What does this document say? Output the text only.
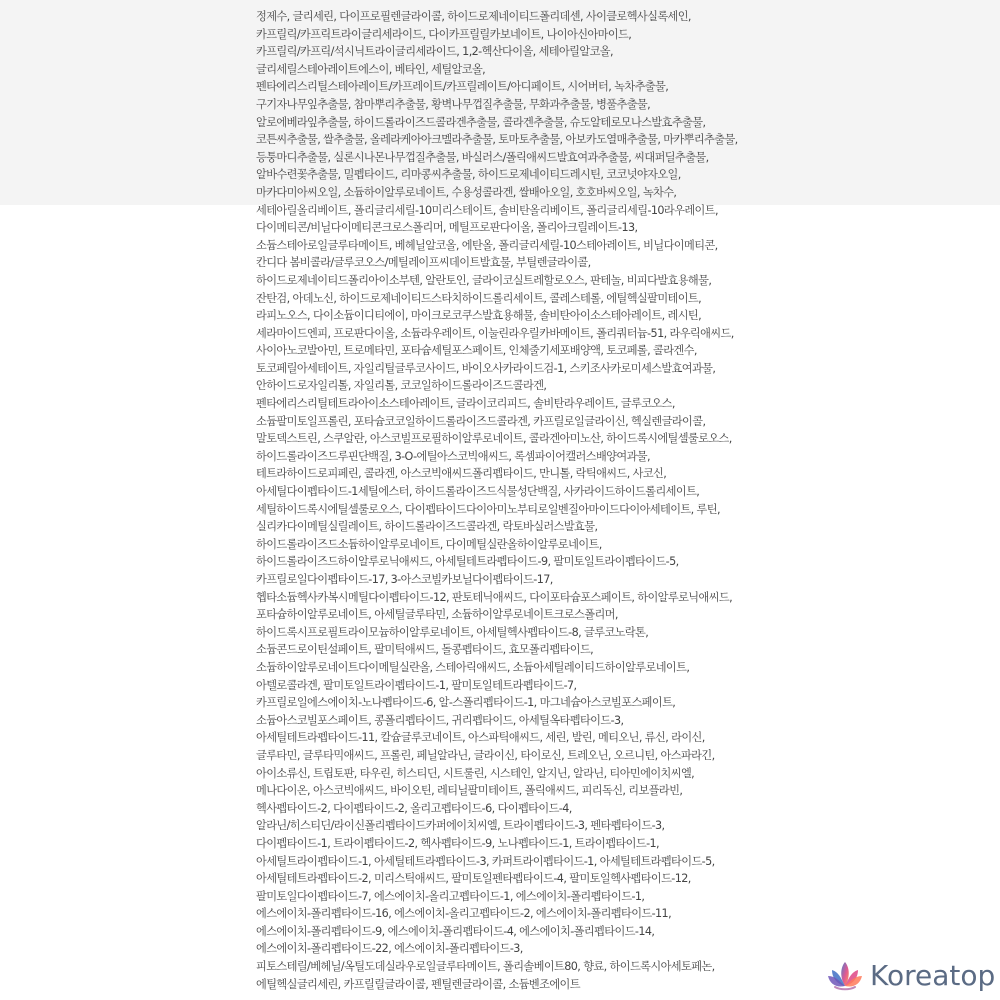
정제수, 글리세린, 다이프로필렌글라이콜, 하이드로제네이티드폴리데센, 사이클로헥사실록세인,
카프릴릭/카프릭트라이글리세라이드, 다이카프릴릴카보네이트, 나이아신아마이드,
카프릴릭/카프릭/석시닉트라이글리세라이드, 1,2-헥산다이올, 세테아릴알코올,
글리세릴스테아레이트에스이, 베타인, 세틸알코올,
펜타에리스리틸스테아레이트/카프레이트/카프릴레이트/아디페이트, 시어버터, 녹차추출물,
구기자나무잎추출물, 참마뿌리추출물, 황벽나무껍질추출물, 무화과추출물, 병풀추출물,
알로에베라잎추출물, 하이드롤라이즈드콜라겐추출물, 콜라겐추출물, 슈도알테로모나스발효추출물,
코튼씨추출물, 쌀추출물, 올레라케아아크멜라추출물, 토마토추출물, 아보카도열매추출물, 마카뿌리추출물,
등퉁마디추출물, 실론시나몬나무껍질추출물, 바실러스/폴릭애씨드발효여과추출물, 씨대퍼딜추출물,
알바수련꽃추출물, 밀펩타이드, 리마콩씨추출물, 하이드로제네이티드레시틴, 코코넛야자오일,
마카다미아씨오일, 소듐하이알루로네이트, 수용성콜라겐, 쌀배아오일, 호호바씨오일, 녹차수,
세테아릴올리베이트, 폴리글리세릴-10미리스테이트, 솔비탄올리베이트, 폴리글리세릴-10라우레이트,
다이메티콘/비닐다이메티콘크로스폴리머, 메틸프로판다이올, 폴리아크릴레이트-13,
소듐스테아로일글루타메이트, 베헤닐알코올, 에탄올, 폴리글리세릴-10스테아레이트, 비닐다이메티콘,
칸디다 봄비콜라/글루코오스/메틸레이프씨데이트발효물, 부틸렌글라이콜,
하이드로제네이티드폴리아이소부텐, 알란토인, 글라이코실트레할로오스, 판테놀, 비피다발효용해물,
잔탄검, 아데노신, 하이드로제네이티드스타치하이드롤리세이트, 콜레스테롤, 에틸헥실팔미테이트,
라피노오스, 다이소듐이디티에이, 마이크로코쿠스발효용해물, 솔비탄아이소스테아레이트, 레시틴,
세라마이드엔피, 프로판다이올, 소듐라우레이트, 이눌린라우릴카바메이트, 폴리쿼터늄-51, 라우릭애씨드,
사이아노코발아민, 트로메타민, 포타슘세틸포스페이트, 인체줄기세포배양액, 토코페롤, 콜라겐수,
토코페릴아세테이트, 자일리틸글루코사이드, 바이오사카라이드검-1, 스키조사카로미세스발효여과물,
안하이드로자일리톨, 자일리톨, 코코일하이드롤라이즈드콜라겐,
펜타에리스리틸테트라아이소스테아레이트, 글라이코리피드, 솔비탄라우레이트, 글루코오스,
소듐팔미토일프롤린, 포타슘코코일하이드롤라이즈드콜라겐, 카프릴로일글라이신, 헥실렌글라이콜,
말토덱스트린, 스쿠알란, 아스코빌프로필하이알루로네이트, 콜라겐아미노산, 하이드록시에틸셀룰로오스,
하이드롤라이즈드루핀단백질, 3-O-에틸아스코빅애씨드, 록셈파이어캘러스배양여과물,
테트라하이드로피페린, 콜라겐, 아스코빅애씨드폴리펩타이드, 만니톨, 락틱애씨드, 사코신,
아세틸다이펩타이드-1세틸에스터, 하이드롤라이즈드식물성단백질, 사카라이드하이드롤리세이트,
세틸하이드록시에틸셀룰로오스, 다이펩타이드다이아미노부티로일벤질아마이드다이아세테이트, 루틴,
실리카다이메틸실릴레이트, 하이드롤라이즈드콜라겐, 락토바실러스발효물,
하이드롤라이즈드소듐하이알루로네이트, 다이메틸실란올하이알루로네이트,
하이드롤라이즈드하이알루로닉애씨드, 아세틸테트라펩타이드-9, 팔미토일트라이펩타이드-5,
카프릴로일다이펩타이드-17, 3-아스코빌카보닐다이펩타이드-17,
헵타소듐헥사카복시메틸다이펩타이드-12, 판토테닉애씨드, 다이포타슘포스페이트, 하이알루로닉애씨드,
포타슘하이알루로네이트, 아세틸글루타민, 소듐하이알루로네이트크로스폴리머,
하이드록시프로필트라이모늄하이알루로네이트, 아세틸헥사펩타이드-8, 글루코노락톤,
소듐콘드로이틴설페이트, 팔미틱애씨드, 돌콩펩타이드, 효모폴리펩타이드,
소듐하이알루로네이트다이메틸실란올, 스테아릭애씨드, 소듐아세틸레이티드하이알루로네이트,
아텔로콜라겐, 팔미토일트라이펩타이드-1, 팔미토일테트라펩타이드-7,
카프릴로일에스에이치-노나펩타이드-6, 알-스폴리펩타이드-1, 마그네슘아스코빌포스페이트,
소듐아스코빌포스페이트, 콩폴리펩타이드, 귀리펩타이드, 아세틸옥타펩타이드-3,
아세틸테트라펩타이드-11, 칼슘글루코네이트, 아스파틱애씨드, 세린, 발린, 메티오닌, 류신, 라이신,
글루타민, 글루타믹애씨드, 프롤린, 페닐알라닌, 글라이신, 타이로신, 트레오닌, 오르니틴, 아스파라긴,
아이소류신, 트립토판, 타우린, 히스티딘, 시트룰린, 시스테인, 알지닌, 알라닌, 티아민에이치씨엘,
메나다이온, 아스코빅애씨드, 바이오틴, 레티닐팔미테이트, 폴릭애씨드, 피리독신, 리보플라빈,
헥사펩타이드-2, 다이펩타이드-2, 올리고펩타이드-6, 다이펩타이드-4,
알라닌/히스티딘/라이신폴리펩타이드카퍼에이치씨엘, 트라이펩타이드-3, 펜타펩타이드-3,
다이펩타이드-1, 트라이펩타이드-2, 헥사펩타이드-9, 노나펩타이드-1, 트라이펩타이드-1,
아세틸트라이펩타이드-1, 아세틸테트라펩타이드-3, 카퍼트라이펩타이드-1, 아세틸테트라펩타이드-5,
아세틸테트라펩타이드-2, 미리스틱애씨드, 팔미토일펜타펩타이드-4, 팔미토일헥사펩타이드-12,
팔미토일다이펩타이드-7, 에스에이치-올리고펩타이드-1, 에스에이치-폴리펩타이드-1,
에스에이치-폴리펩타이드-16, 에스에이치-올리고펩타이드-2, 에스에이치-폴리펩타이드-11,
에스에이치-폴리펩타이드-9, 에스에이치-폴리펩타이드-4, 에스에이치-폴리펩타이드-14,
에스에이치-폴리펩타이드-22, 에스에이치-폴리펩타이드-3,
피토스테릴/베헤닐/옥틸도데실라우로일글루타메이트, 폴리솔베이트80, 향료, 하이드록시아세토페논,
에틸헥실글리세린, 카프릴릴글라이콜, 펜틸렌글라이콜, 소듐벤조에이트	Koreatop
